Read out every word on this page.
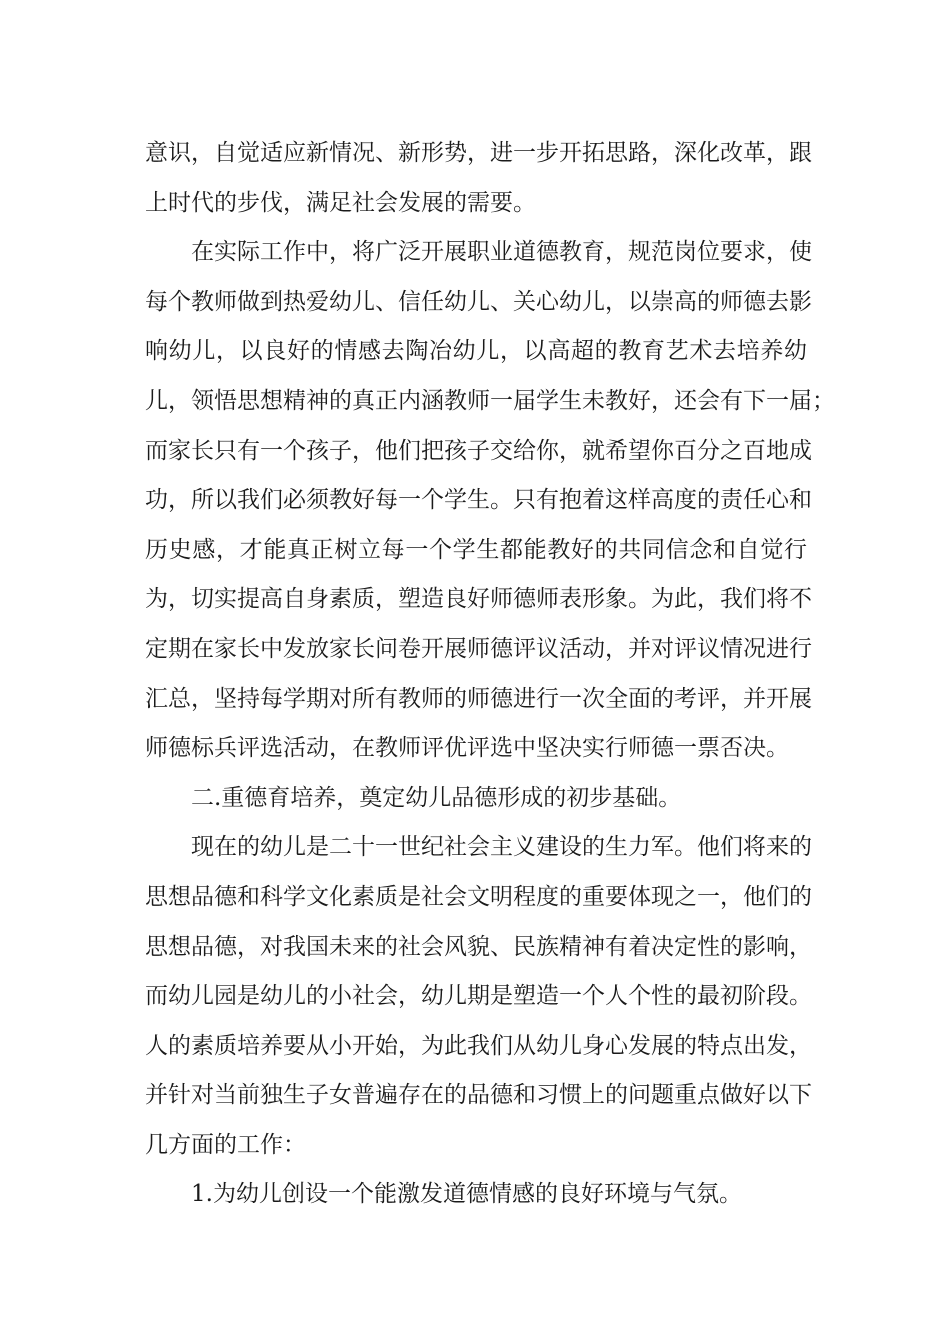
意识，自觉适应新情况、新形势，进一步开拓思路，深化改革，跟
上时代的步伐，满足社会发展的需要。
在实际工作中，将广泛开展职业道德教育，规范岗位要求，使
每个教师做到热爱幼儿、信任幼儿、关心幼儿，以崇高的师德去影
响幼儿，以良好的情感去陶冶幼儿，以高超的教育艺术去培养幼
儿，领悟思想精神的真正内涵教师一届学生未教好，还会有下一届；
而家长只有一个孩子，他们把孩子交给你，就希望你百分之百地成
功，所以我们必须教好每一个学生。只有抱着这样高度的责任心和
历史感，才能真正树立每一个学生都能教好的共同信念和自觉行
为，切实提高自身素质，塑造良好师德师表形象。为此，我们将不
定期在家长中发放家长问卷开展师德评议活动，并对评议情况进行
汇总，坚持每学期对所有教师的师德进行一次全面的考评，并开展
师德标兵评选活动，在教师评优评选中坚决实行师德一票否决。
二.重德育培养，奠定幼儿品德形成的初步基础。
现在的幼儿是二十一世纪社会主义建设的生力军。他们将来的
思想品德和科学文化素质是社会文明程度的重要体现之一，他们的
思想品德，对我国未来的社会风貌、民族精神有着决定性的影响，
而幼儿园是幼儿的小社会，幼儿期是塑造一个人个性的最初阶段。
人的素质培养要从小开始，为此我们从幼儿身心发展的特点出发，
并针对当前独生子女普遍存在的品德和习惯上的问题重点做好以下
几方面的工作：
1.为幼儿创设一个能激发道德情感的良好环境与气氛。
